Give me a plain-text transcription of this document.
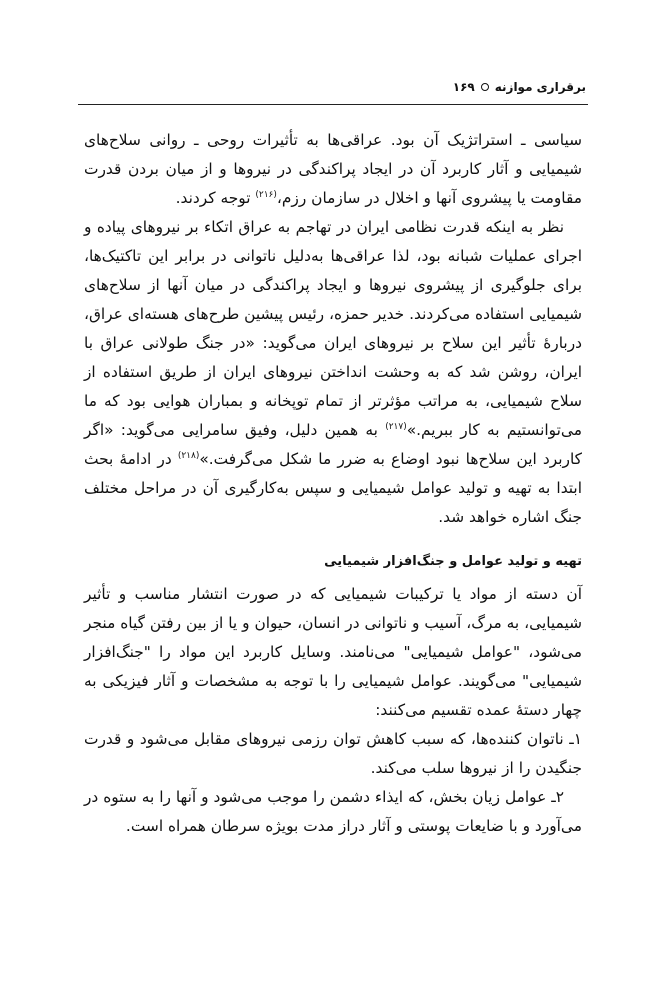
برقراری موازنه
۱۶۹

سیاسی ـ استراتژیک آن بود. عراقی‌ها به تأثیرات روحی ـ روانی سلاح‌های شیمیایی و آثار کاربرد آن در ایجاد پراکندگی در نیروها و از میان بردن قدرت مقاومت یا پیشروی آنها و اخلال در سازمان رزم،$^{(۲۱۶)}$ توجه کردند.

نظر به اینکه قدرت نظامی ایران در تهاجم به عراق اتکاء بر نیروهای پیاده و اجرای عملیات شبانه بود، لذا عراقی‌ها به‌دلیل ناتوانی در برابر این تاکتیک‌ها، برای جلوگیری از پیشروی نیروها و ایجاد پراکندگی در میان آنها از سلاح‌های شیمیایی استفاده می‌کردند. خدیر حمزه، رئیس پیشین طرح‌های هسته‌ای عراق، دربارهٔ تأثیر این سلاح بر نیروهای ایران می‌گوید: «در جنگ طولانی عراق با ایران، روشن شد که به وحشت انداختن نیروهای ایران از طریق استفاده از سلاح شیمیایی، به مراتب مؤثرتر از تمام توپخانه و بمباران هوایی بود که ما می‌توانستیم به کار ببریم.»$^{(۲۱۷)}$ به همین دلیل، وفیق سامرایی می‌گوید: «اگر کاربرد این سلاح‌ها نبود اوضاع به ضرر ما شکل می‌گرفت.»$^{(۲۱۸)}$ در ادامهٔ بحث ابتدا به تهیه و تولید عوامل شیمیایی و سپس به‌کارگیری آن در مراحل مختلف جنگ اشاره خواهد شد.

تهیه و تولید عوامل و جنگ‌افزار شیمیایی

آن دسته از مواد یا ترکیبات شیمیایی که در صورت انتشار مناسب و تأثیر شیمیایی، به مرگ، آسیب و ناتوانی در انسان، حیوان و یا از بین رفتن گیاه منجر می‌شود، "عوامل شیمیایی" می‌نامند. وسایل کاربرد این مواد را "جنگ‌افزار شیمیایی" می‌گویند. عوامل شیمیایی را با توجه به مشخصات و آثار فیزیکی به چهار دستهٔ عمده تقسیم می‌کنند:

۱ـ ناتوان کننده‌ها، که سبب کاهش توان رزمی نیروهای مقابل می‌شود و قدرت جنگیدن را از نیروها سلب می‌کند.

۲ـ عوامل زیان بخش، که ایذاء دشمن را موجب می‌شود و آنها را به ستوه در می‌آورد و با ضایعات پوستی و آثار دراز مدت بویژه سرطان همراه است.
